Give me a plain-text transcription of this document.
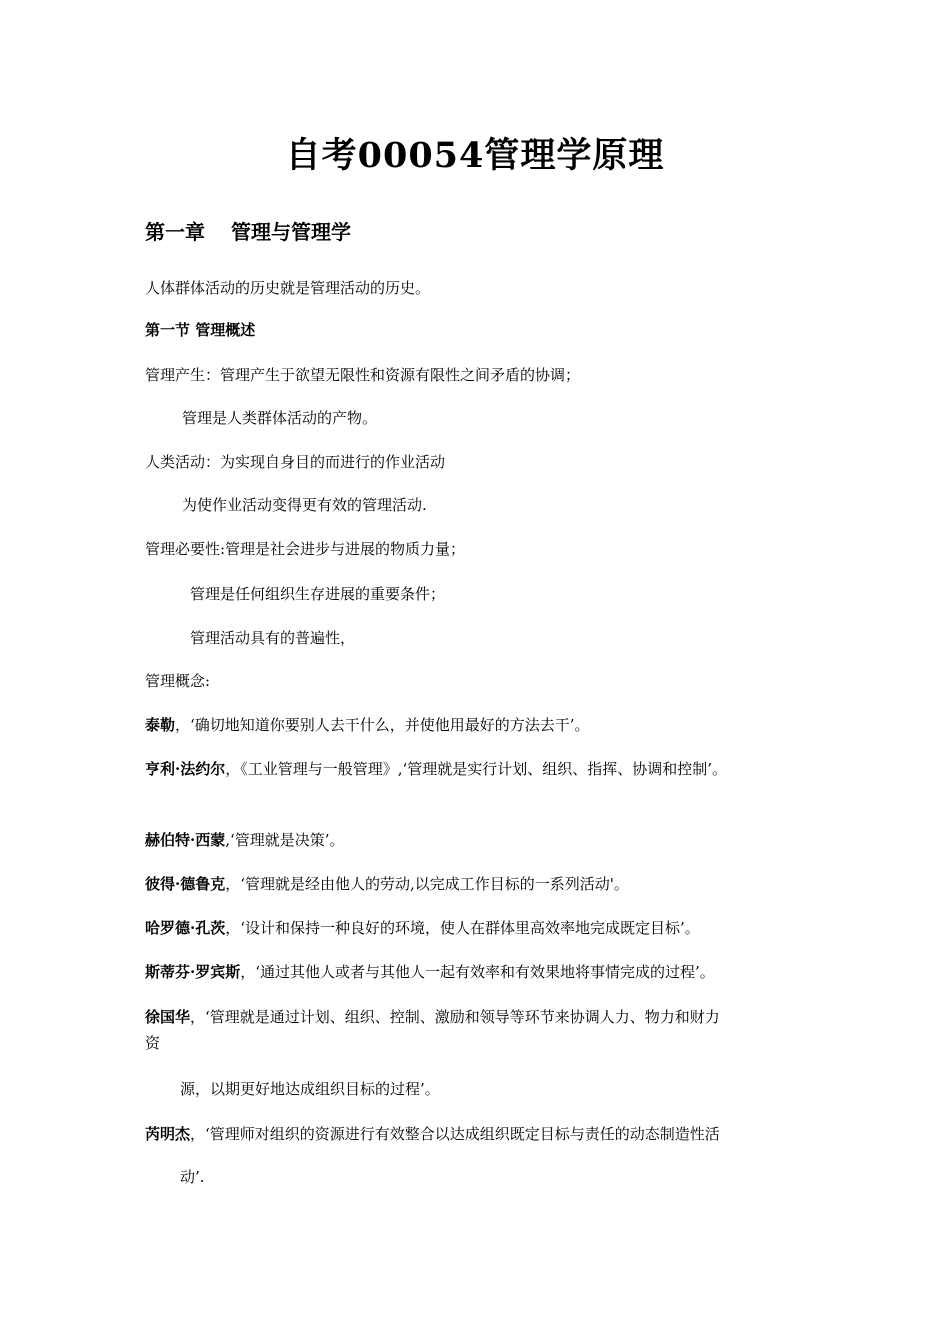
自考00054管理学原理
第一章 管理与管理学
人体群体活动的历史就是管理活动的历史。
第一节 管理概述
管理产生：管理产生于欲望无限性和资源有限性之间矛盾的协调；
管理是人类群体活动的产物。
人类活动：为实现自身目的而进行的作业活动
为使作业活动变得更有效的管理活动.
管理必要性:管理是社会进步与进展的物质力量；
管理是任何组织生存进展的重要条件；
管理活动具有的普遍性，
管理概念:
泰勒，‘确切地知道你要别人去干什么，并使他用最好的方法去干’。
亨利·法约尔，《工业管理与一般管理》,‘管理就是实行计划、组织、指挥、协调和控制’。
赫伯特·西蒙,‘管理就是决策’。
彼得·德鲁克，‘管理就是经由他人的劳动,以完成工作目标的一系列活动'。
哈罗德·孔茨，‘设计和保持一种良好的环境，使人在群体里高效率地完成既定目标’。
斯蒂芬·罗宾斯，‘通过其他人或者与其他人一起有效率和有效果地将事情完成的过程’。
徐国华，‘管理就是通过计划、组织、控制、激励和领导等环节来协调人力、物力和财力
资
源，以期更好地达成组织目标的过程’。
芮明杰，‘管理师对组织的资源进行有效整合以达成组织既定目标与责任的动态制造性活
动’.
